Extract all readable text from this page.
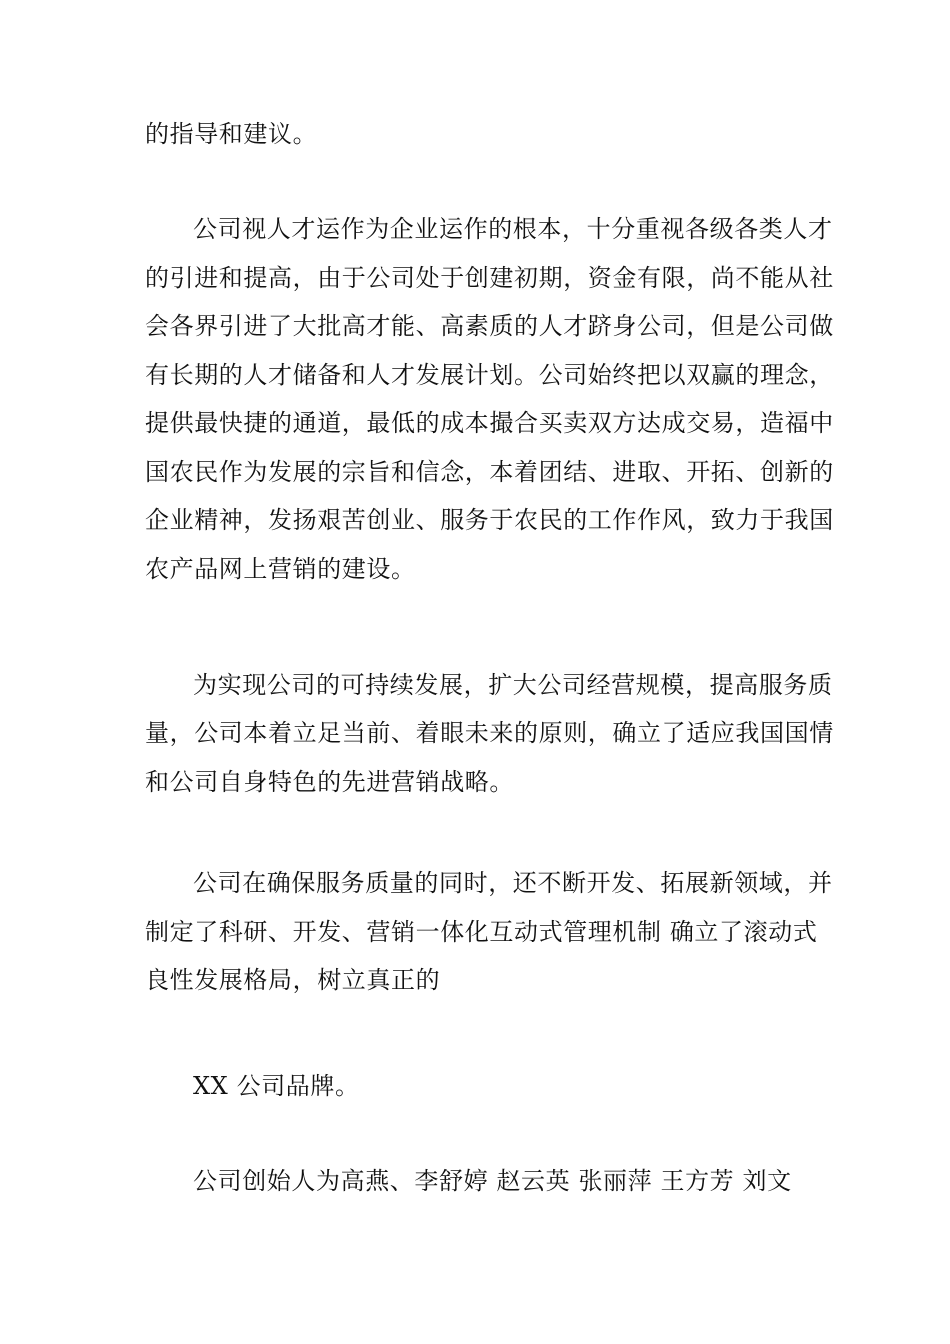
的指导和建议。
公司视人才运作为企业运作的根本，十分重视各级各类人才
的引进和提高，由于公司处于创建初期，资金有限，尚不能从社
会各界引进了大批高才能、高素质的人才跻身公司，但是公司做
有长期的人才储备和人才发展计划。公司始终把以双赢的理念，
提供最快捷的通道，最低的成本撮合买卖双方达成交易，造福中
国农民作为发展的宗旨和信念，本着团结、进取、开拓、创新的
企业精神，发扬艰苦创业、服务于农民的工作作风，致力于我国
农产品网上营销的建设。
为实现公司的可持续发展，扩大公司经营规模，提高服务质
量，公司本着立足当前、着眼未来的原则，确立了适应我国国情
和公司自身特色的先进营销战略。
公司在确保服务质量的同时，还不断开发、拓展新领域，并
制定了科研、开发、营销一体化互动式管理机制 确立了滚动式
良性发展格局，树立真正的
XX 公司品牌。
公司创始人为高燕、李舒婷 赵云英 张丽萍 王方芳 刘文
